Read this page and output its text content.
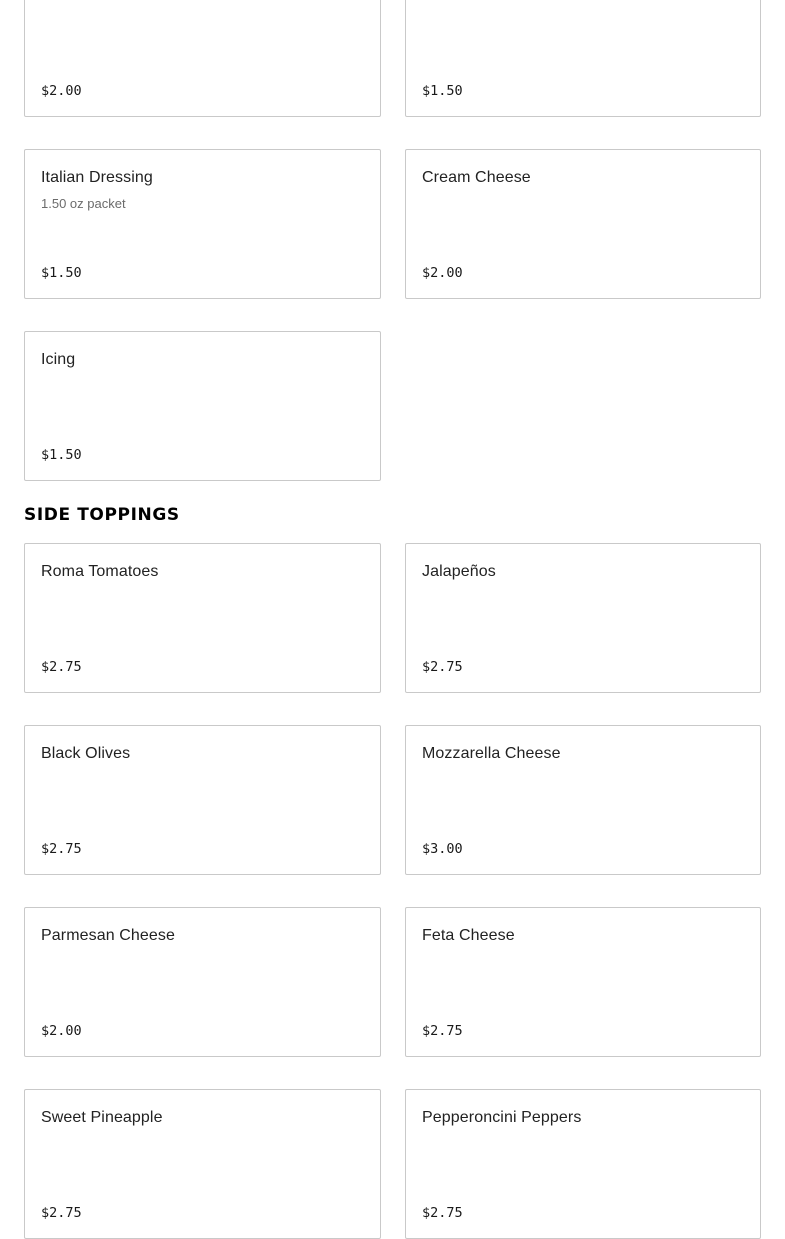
$2.00	$1.50
Italian Dressing
1.50 oz packet
$1.50
Cream Cheese
$2.00
Icing
$1.50
SIDE TOPPINGS
Roma Tomatoes
$2.75
Jalapeños
$2.75
Black Olives
$2.75
Mozzarella Cheese
$3.00
Parmesan Cheese
$2.00
Feta Cheese
$2.75
Sweet Pineapple
$2.75
Pepperoncini Peppers
$2.75
